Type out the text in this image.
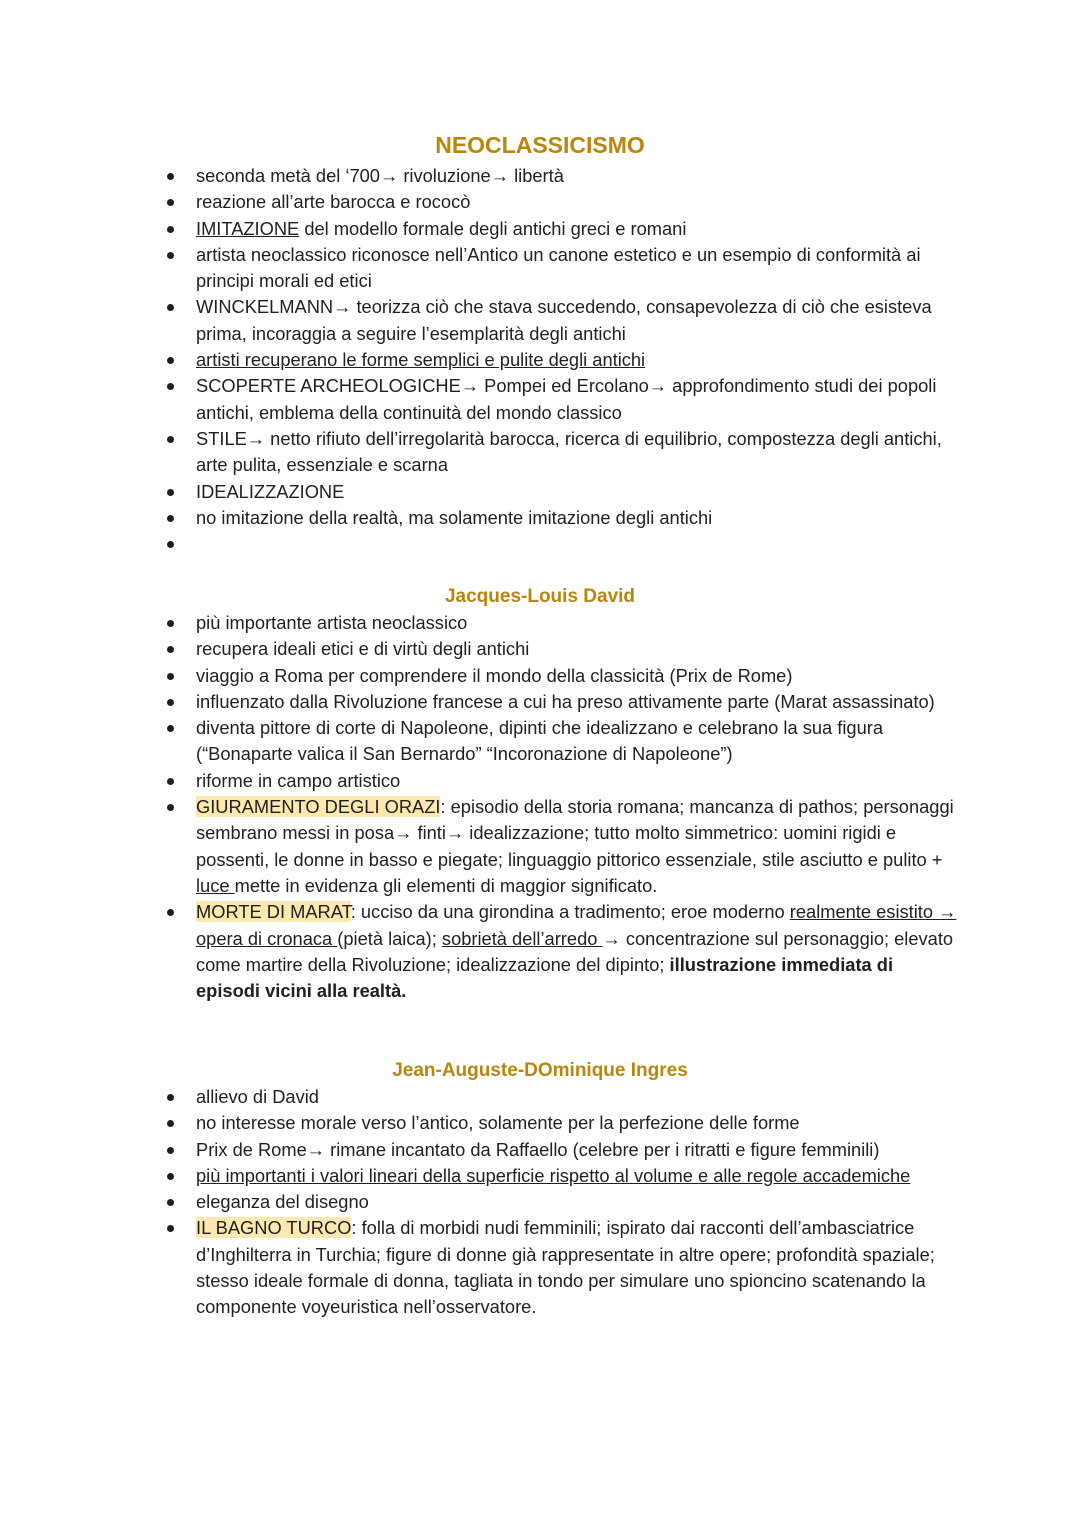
NEOCLASSICISMO
seconda metà del ‘700→ rivoluzione→ libertà
reazione all’arte barocca e rococò
IMITAZIONE del modello formale degli antichi greci e romani
artista neoclassico riconosce nell’Antico un canone estetico e un esempio di conformità ai principi morali ed etici
WINCKELMANN→ teorizza ciò che stava succedendo, consapevolezza di ciò che esisteva prima, incoraggia a seguire l’esemplarità degli antichi
artisti recuperano le forme semplici e pulite degli antichi
SCOPERTE ARCHEOLOGICHE→ Pompei ed Ercolano→ approfondimento studi dei popoli antichi, emblema della continuità del mondo classico
STILE→ netto rifiuto dell’irregolarità barocca, ricerca di equilibrio, compostezza degli antichi, arte pulita, essenziale e scarna
IDEALIZZAZIONE
no imitazione della realtà, ma solamente imitazione degli antichi
Jacques-Louis David
più importante artista neoclassico
recupera ideali etici e di virtù degli antichi
viaggio a Roma per comprendere il mondo della classicità (Prix de Rome)
influenzato dalla Rivoluzione francese a cui ha preso attivamente parte (Marat assassinato)
diventa pittore di corte di Napoleone, dipinti che idealizzano e celebrano la sua figura (“Bonaparte valica il San Bernardo” “Incoronazione di Napoleone”)
riforme in campo artistico
GIURAMENTO DEGLI ORAZI: episodio della storia romana; mancanza di pathos; personaggi sembrano messi in posa→ finti→ idealizzazione; tutto molto simmetrico: uomini rigidi e possenti, le donne in basso e piegate; linguaggio pittorico essenziale, stile asciutto e pulito + luce mette in evidenza gli elementi di maggior significato.
MORTE DI MARAT: ucciso da una girondina a tradimento; eroe moderno realmente esistito → opera di cronaca (pietà laica); sobrietà dell’arredo → concentrazione sul personaggio; elevato come martire della Rivoluzione; idealizzazione del dipinto; illustrazione immediata di episodi vicini alla realtà.
Jean-Auguste-DOminique Ingres
allievo di David
no interesse morale verso l’antico, solamente per la perfezione delle forme
Prix de Rome→ rimane incantato da Raffaello (celebre per i ritratti e figure femminili)
più importanti i valori lineari della superficie rispetto al volume e alle regole accademiche
eleganza del disegno
IL BAGNO TURCO: folla di morbidi nudi femminili; ispirato dai racconti dell’ambasciatrice d’Inghilterra in Turchia; figure di donne già rappresentate in altre opere; profondità spaziale; stesso ideale formale di donna, tagliata in tondo per simulare uno spioncino scatenando la componente voyeuristica nell’osservatore.
